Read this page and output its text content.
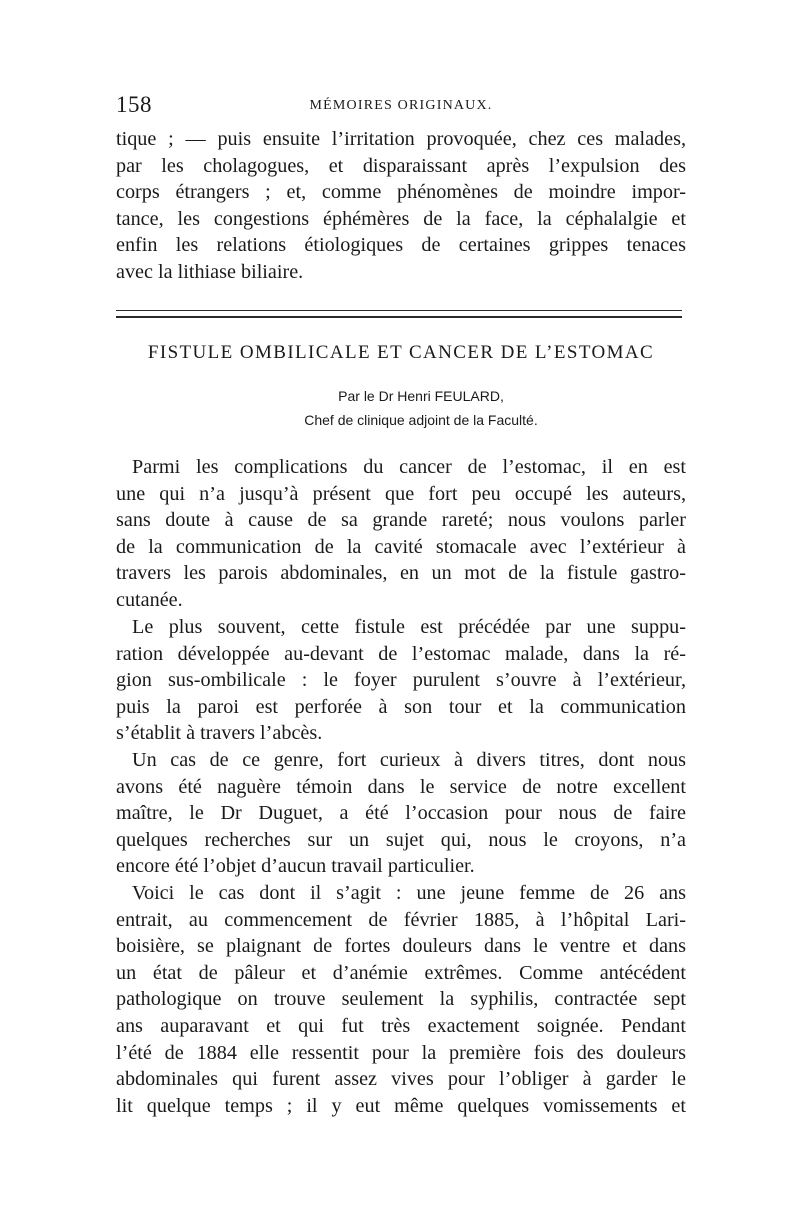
158	MÉMOIRES ORIGINAUX.
tique ; — puis ensuite l’irritation provoquée, chez ces malades,
par les cholagogues, et disparaissant après l’expulsion des
corps étrangers ; et, comme phénomènes de moindre impor-
tance, les congestions éphémères de la face, la céphalalgie et
enfin les relations étiologiques de certaines grippes tenaces
avec la lithiase biliaire.
FISTULE OMBILICALE ET CANCER DE L’ESTOMAC
Par le Dr Henri FEULARD,
Chef de clinique adjoint de la Faculté.
Parmi les complications du cancer de l’estomac, il en est
une qui n’a jusqu’à présent que fort peu occupé les auteurs,
sans doute à cause de sa grande rareté; nous voulons parler
de la communication de la cavité stomacale avec l’extérieur à
travers les parois abdominales, en un mot de la fistule gastro-
cutanée.
Le plus souvent, cette fistule est précédée par une suppu-
ration développée au-devant de l’estomac malade, dans la ré-
gion sus-ombilicale : le foyer purulent s’ouvre à l’extérieur,
puis la paroi est perforée à son tour et la communication
s’établit à travers l’abcès.
Un cas de ce genre, fort curieux à divers titres, dont nous
avons été naguère témoin dans le service de notre excellent
maître, le Dr Duguet, a été l’occasion pour nous de faire
quelques recherches sur un sujet qui, nous le croyons, n’a
encore été l’objet d’aucun travail particulier.
Voici le cas dont il s’agit : une jeune femme de 26 ans
entrait, au commencement de février 1885, à l’hôpital Lari-
boisière, se plaignant de fortes douleurs dans le ventre et dans
un état de pâleur et d’anémie extrêmes. Comme antécédent
pathologique on trouve seulement la syphilis, contractée sept
ans auparavant et qui fut très exactement soignée. Pendant
l’été de 1884 elle ressentit pour la première fois des douleurs
abdominales qui furent assez vives pour l’obliger à garder le
lit quelque temps ; il y eut même quelques vomissements et
